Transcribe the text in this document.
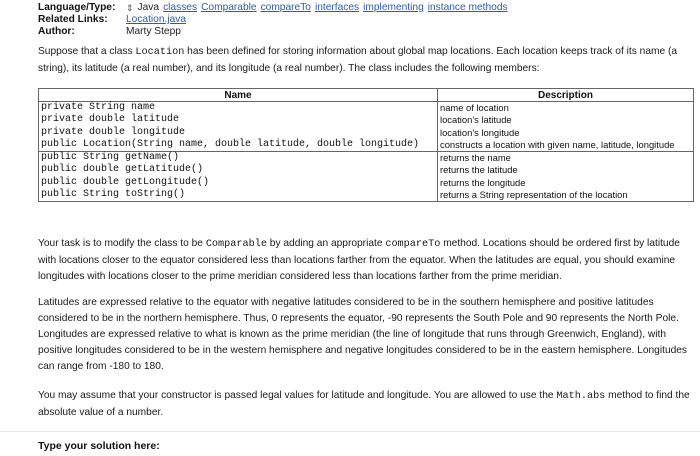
Language/Type:	⇕ Java classes Comparable compareTo interfaces implementing instance methods
Related Links:	Location.java
Author:	Marty Stepp
Suppose that a class Location has been defined for storing information about global map locations. Each location keeps track of its name (a string), its latitude (a real number), and its longitude (a real number). The class includes the following members:
Name	Description
private String name	name of location
private double latitude	location's latitude
private double longitude	location's longitude
public Location(String name, double latitude, double longitude)	constructs a location with given name, latitude, longitude
public String getName()	returns the name
public double getLatitude()	returns the latitude
public double getLongitude()	returns the longitude
public String toString()	returns a String representation of the location
Your task is to modify the class to be Comparable by adding an appropriate compareTo method. Locations should be ordered first by latitude with locations closer to the equator considered less than locations farther from the equator. When the latitudes are equal, you should examine longitudes with locations closer to the prime meridian considered less than locations farther from the prime meridian.
Latitudes are expressed relative to the equator with negative latitudes considered to be in the southern hemisphere and positive latitudes considered to be in the northern hemisphere. Thus, 0 represents the equator, -90 represents the South Pole and 90 represents the North Pole. Longitudes are expressed relative to what is known as the prime meridian (the line of longitude that runs through Greenwich, England), with positive longitudes considered to be in the western hemisphere and negative longitudes considered to be in the eastern hemisphere. Longitudes can range from -180 to 180.
You may assume that your constructor is passed legal values for latitude and longitude. You are allowed to use the Math.abs method to find the absolute value of a number.
Type your solution here:
